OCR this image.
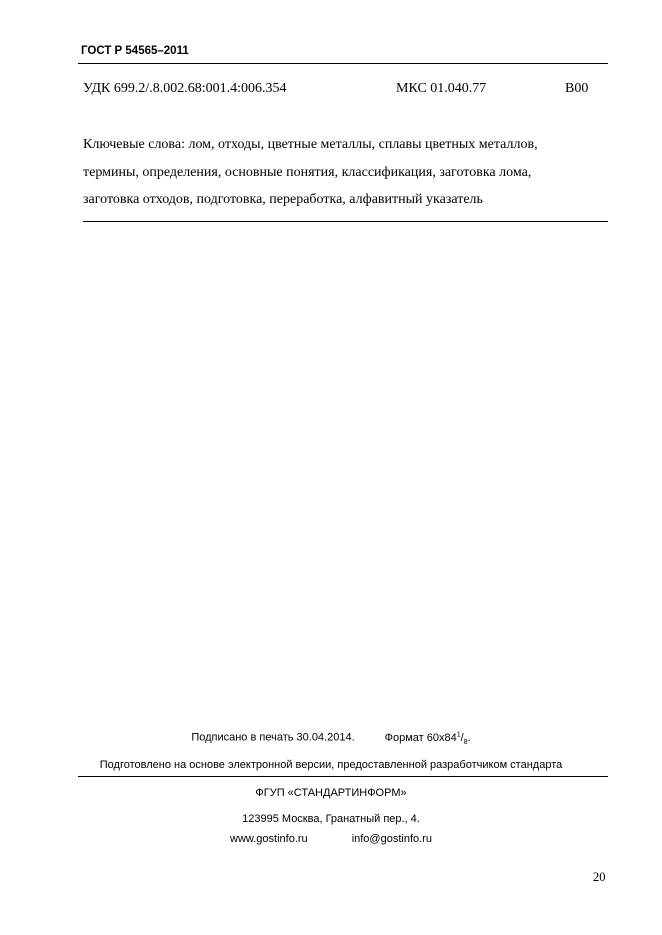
ГОСТ Р 54565–2011
УДК 699.2/.8.002.68:001.4:006.354	МКС 01.040.77	В00
Ключевые слова: лом, отходы, цветные металлы, сплавы цветных металлов,
термины, определения, основные понятия, классификация, заготовка лома,
заготовка отходов, подготовка, переработка, алфавитный указатель
Подписано в печать 30.04.2014.	Формат $60x84^1/_8$.
Подготовлено на основе электронной версии, предоставленной разработчиком стандарта
ФГУП «СТАНДАРТИНФОРМ»
123995 Москва, Гранатный пер., 4.
www.gostinfo.ru	info@gostinfo.ru
20
